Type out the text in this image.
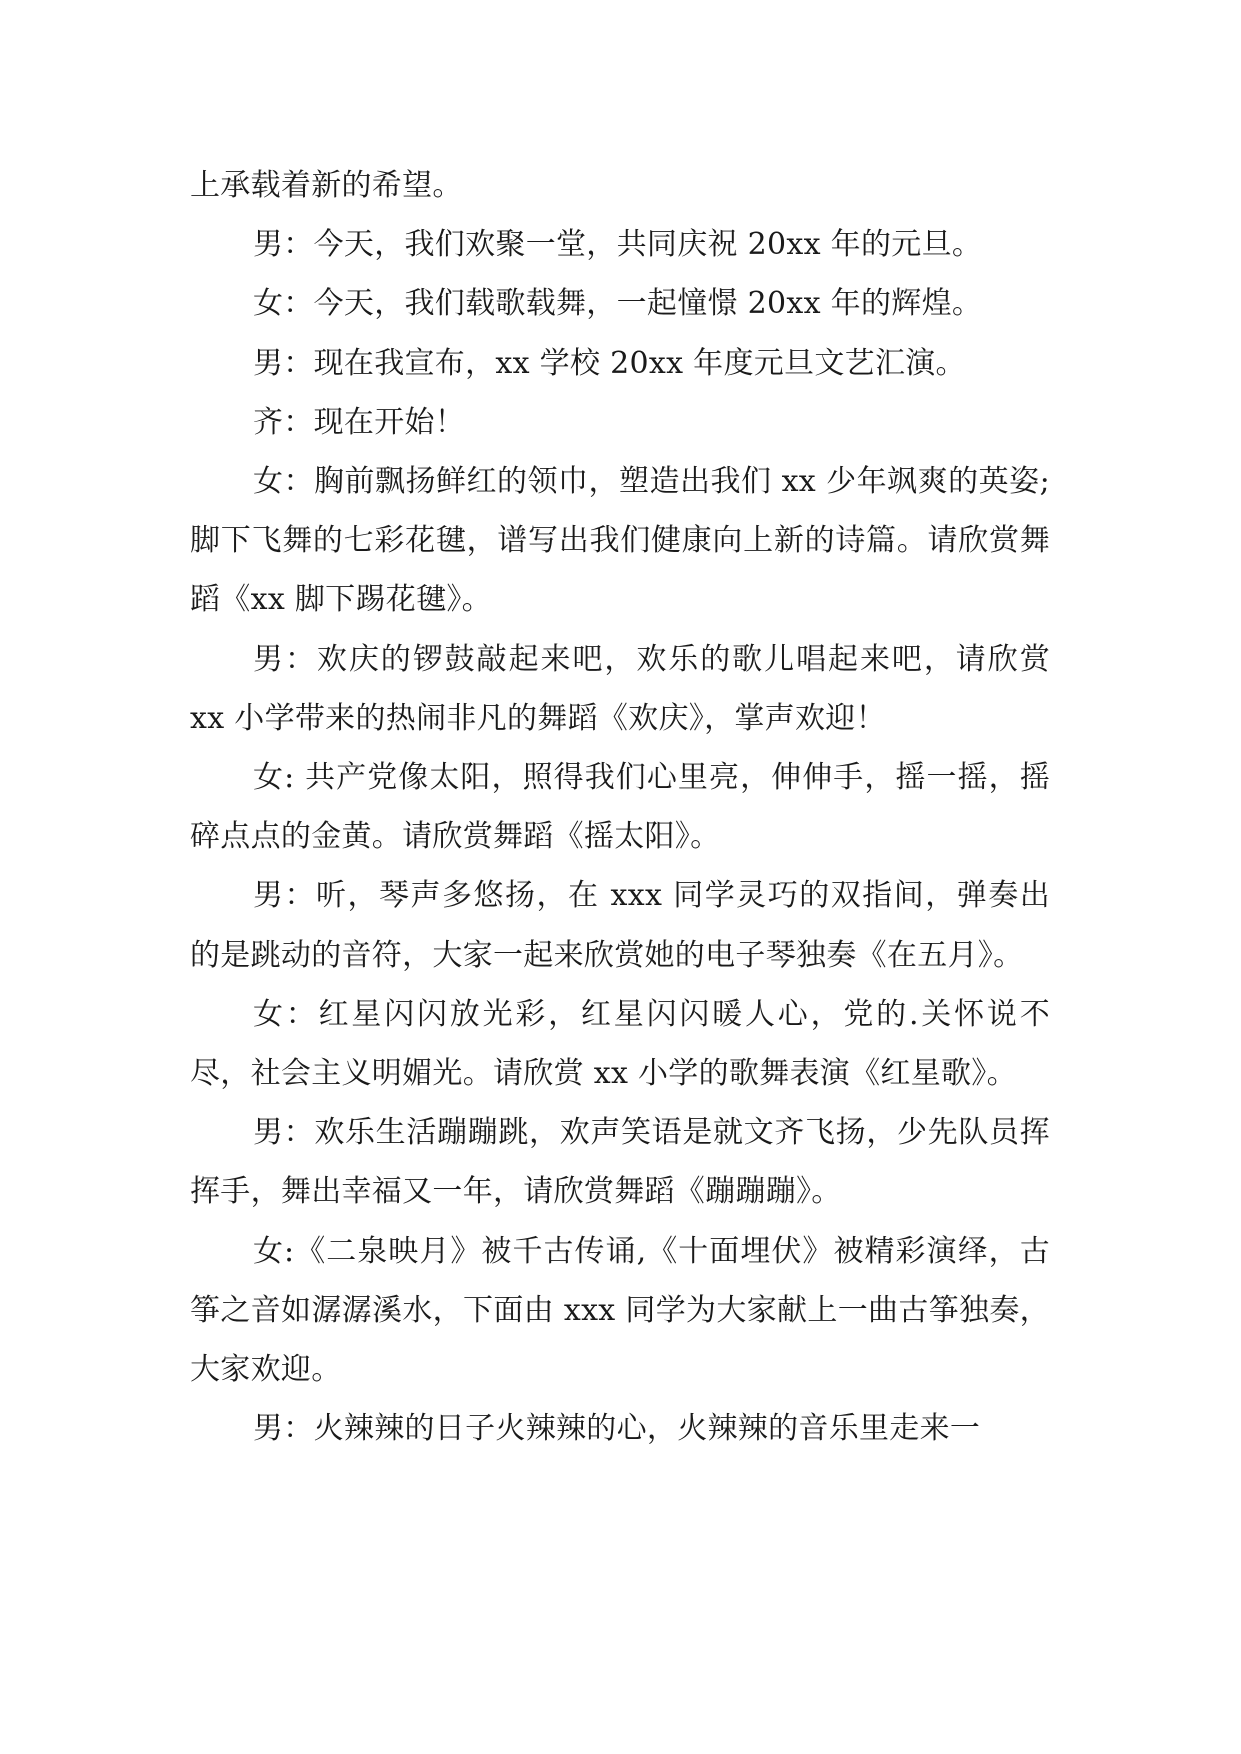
上承载着新的希望。

男：今天，我们欢聚一堂，共同庆祝 20xx 年的元旦。

女：今天，我们载歌载舞，一起憧憬 20xx 年的辉煌。

男：现在我宣布，xx 学校 20xx 年度元旦文艺汇演。

齐：现在开始！

女：胸前飘扬鲜红的领巾，塑造出我们 xx 少年飒爽的英姿; 脚下飞舞的七彩花毽，谱写出我们健康向上新的诗篇。请欣赏舞蹈《xx 脚下踢花毽》。

男：欢庆的锣鼓敲起来吧，欢乐的歌儿唱起来吧，请欣赏 xx 小学带来的热闹非凡的舞蹈《欢庆》，掌声欢迎！

女: 共产党像太阳，照得我们心里亮，伸伸手，摇一摇，摇碎点点的金黄。请欣赏舞蹈《摇太阳》。

男：听，琴声多悠扬，在 xxx 同学灵巧的双指间，弹奏出的是跳动的音符，大家一起来欣赏她的电子琴独奏《在五月》。

女：红星闪闪放光彩，红星闪闪暖人心，党的.关怀说不尽，社会主义明媚光。请欣赏 xx 小学的歌舞表演《红星歌》。

男：欢乐生活蹦蹦跳，欢声笑语是就文齐飞扬，少先队员挥挥手，舞出幸福又一年，请欣赏舞蹈《蹦蹦蹦》。

女:《二泉映月》被千古传诵,《十面埋伏》被精彩演绎，古筝之音如潺潺溪水，下面由 xxx 同学为大家献上一曲古筝独奏，大家欢迎。

男：火辣辣的日子火辣辣的心，火辣辣的音乐里走来一
